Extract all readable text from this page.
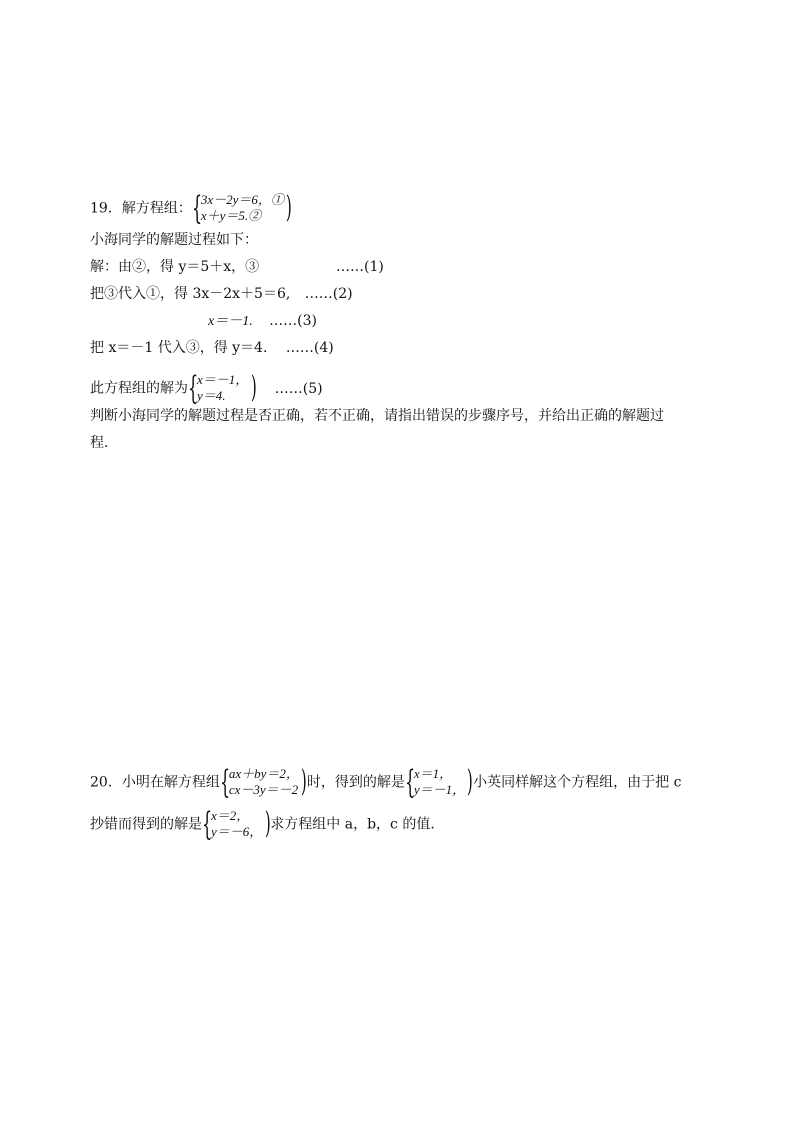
19．解方程组： {
3x－2y＝6，①
x＋y＝5.② )
小海同学的解题过程如下：
解：由②，得 y＝5＋x，③	……(1)
把③代入①，得 3x－2x＋5＝6, ……(2)
x＝－1. ……(3)
把 x＝－1 代入③，得 y＝4. ……(4)
此方程组的解为 {
x＝－1，
y＝4. ) ……(5)
判断小海同学的解题过程是否正确，若不正确，请指出错误的步骤序号，并给出正确的解题过
程．
20．小明在解方程组 {
ax＋by＝2，
cx－3y＝－2 ) 时，得到的解是 {
x＝1，
y＝－1， ) 小英同样解这个方程组，由于把 c
抄错而得到的解是 {
x＝2，
y＝－6， ) 求方程组中 a，b，c 的值．
